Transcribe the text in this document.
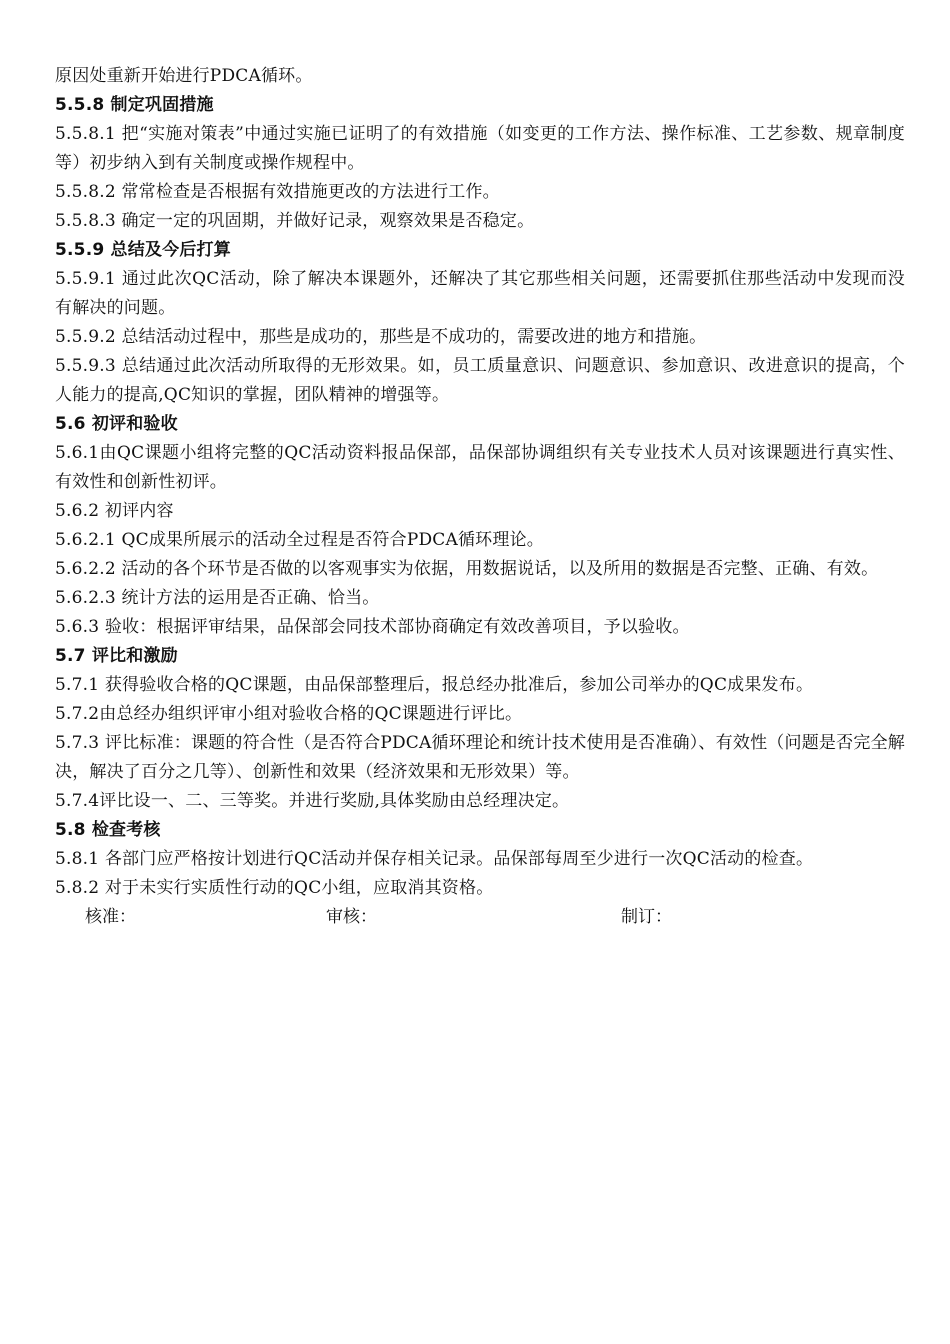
原因处重新开始进行PDCA循环。
5.5.8 制定巩固措施
5.5.8.1 把“实施对策表”中通过实施已证明了的有效措施（如变更的工作方法、操作标准、工艺参数、规章制度等）初步纳入到有关制度或操作规程中。
5.5.8.2 常常检查是否根据有效措施更改的方法进行工作。
5.5.8.3 确定一定的巩固期，并做好记录，观察效果是否稳定。
5.5.9 总结及今后打算
5.5.9.1 通过此次QC活动，除了解决本课题外，还解决了其它那些相关问题，还需要抓住那些活动中发现而没有解决的问题。
5.5.9.2 总结活动过程中，那些是成功的，那些是不成功的，需要改进的地方和措施。
5.5.9.3 总结通过此次活动所取得的无形效果。如，员工质量意识、问题意识、参加意识、改进意识的提高，个人能力的提高,QC知识的掌握，团队精神的增强等。
5.6 初评和验收
5.6.1由QC课题小组将完整的QC活动资料报品保部，品保部协调组织有关专业技术人员对该课题进行真实性、有效性和创新性初评。
5.6.2 初评内容
5.6.2.1 QC成果所展示的活动全过程是否符合PDCA循环理论。
5.6.2.2 活动的各个环节是否做的以客观事实为依据，用数据说话，以及所用的数据是否完整、正确、有效。
5.6.2.3 统计方法的运用是否正确、恰当。
5.6.3 验收：根据评审结果，品保部会同技术部协商确定有效改善项目，予以验收。
5.7 评比和激励
5.7.1 获得验收合格的QC课题，由品保部整理后，报总经办批准后，参加公司举办的QC成果发布。
5.7.2由总经办组织评审小组对验收合格的QC课题进行评比。
5.7.3 评比标准：课题的符合性（是否符合PDCA循环理论和统计技术使用是否准确）、有效性（问题是否完全解决，解决了百分之几等）、创新性和效果（经济效果和无形效果）等。
5.7.4评比设一、二、三等奖。并进行奖励,具体奖励由总经理决定。
5.8 检查考核
5.8.1 各部门应严格按计划进行QC活动并保存相关记录。品保部每周至少进行一次QC活动的检查。
5.8.2 对于未实行实质性行动的QC小组，应取消其资格。
核准：	审核：	制订：
